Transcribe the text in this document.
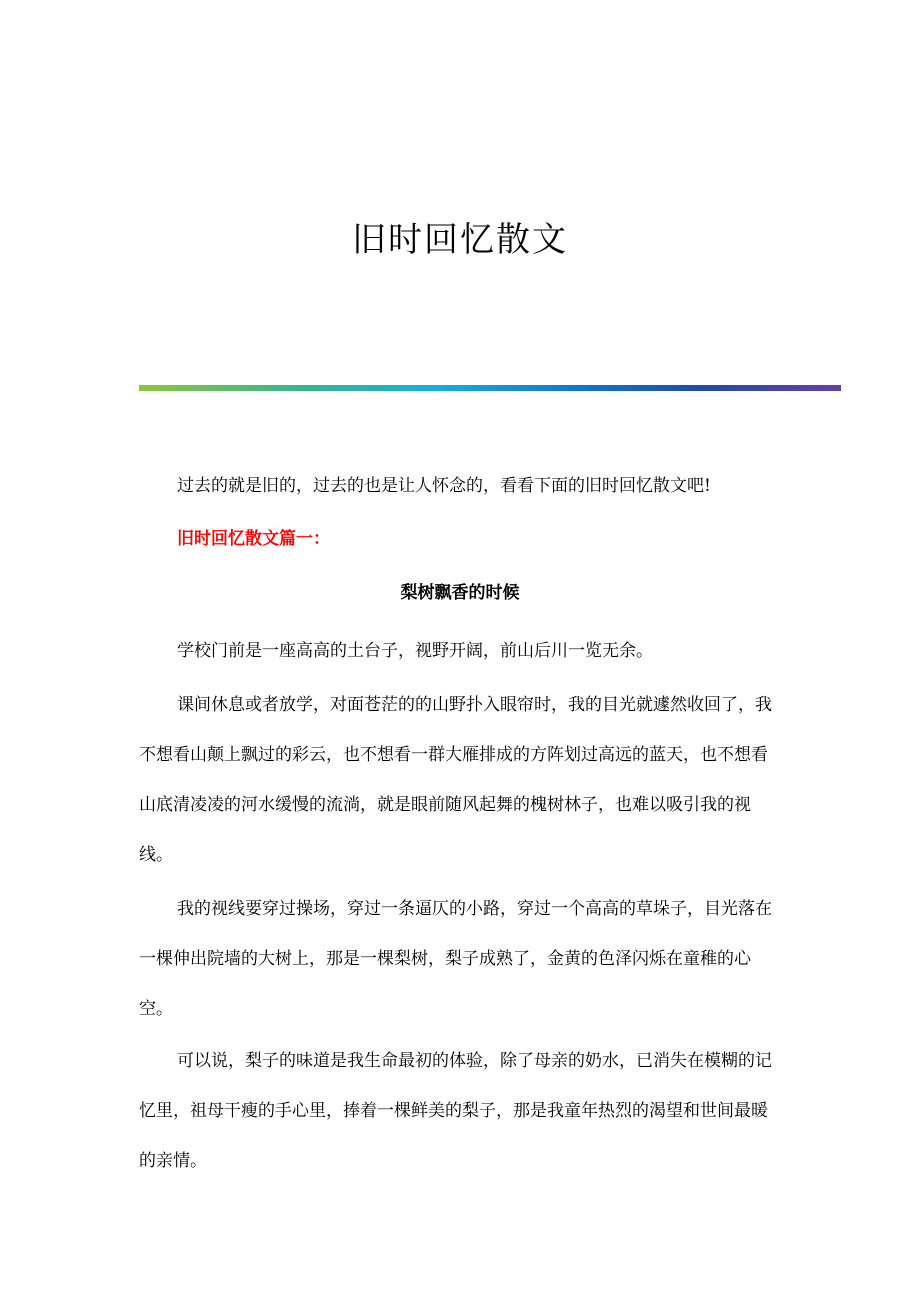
旧时回忆散文

过去的就是旧的，过去的也是让人怀念的，看看下面的旧时回忆散文吧!

旧时回忆散文篇一：

梨树飘香的时候

学校门前是一座高高的土台子，视野开阔，前山后川一览无余。

课间休息或者放学，对面苍茫的的山野扑入眼帘时，我的目光就遽然收回了，我不想看山颠上飘过的彩云，也不想看一群大雁排成的方阵划过高远的蓝天，也不想看山底清凌凌的河水缓慢的流淌，就是眼前随风起舞的槐树林子，也难以吸引我的视线。

我的视线要穿过操场，穿过一条逼仄的小路，穿过一个高高的草垛子，目光落在一棵伸出院墙的大树上，那是一棵梨树，梨子成熟了，金黄的色泽闪烁在童稚的心空。

可以说，梨子的味道是我生命最初的体验，除了母亲的奶水，已消失在模糊的记忆里，祖母干瘦的手心里，捧着一棵鲜美的梨子，那是我童年热烈的渴望和世间最暖的亲情。
